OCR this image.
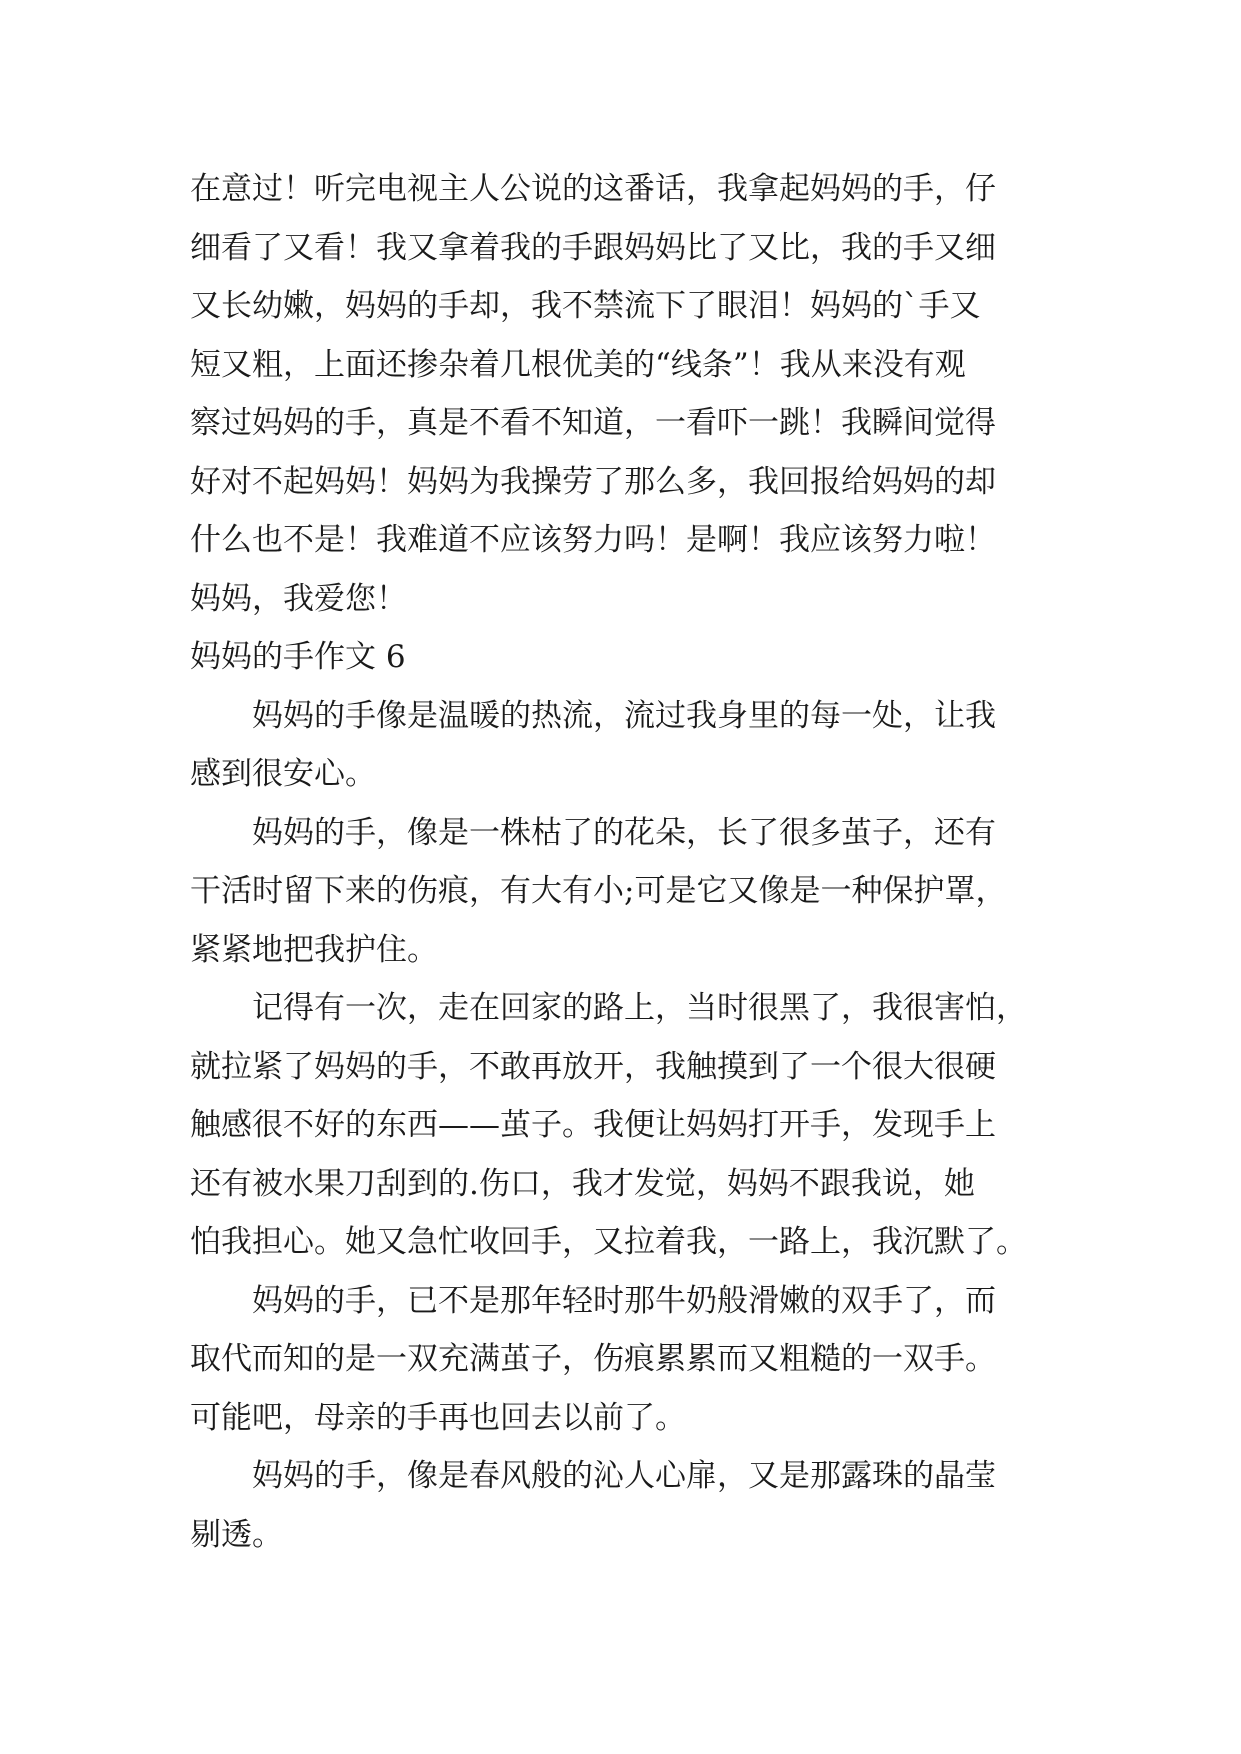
在意过！听完电视主人公说的这番话，我拿起妈妈的手，仔
细看了又看！我又拿着我的手跟妈妈比了又比，我的手又细
又长幼嫩，妈妈的手却，我不禁流下了眼泪！妈妈的`手又
短又粗，上面还掺杂着几根优美的“线条”！我从来没有观
察过妈妈的手，真是不看不知道，一看吓一跳！我瞬间觉得
好对不起妈妈！妈妈为我操劳了那么多，我回报给妈妈的却
什么也不是！我难道不应该努力吗！是啊！我应该努力啦！
妈妈，我爱您！
妈妈的手作文 6
妈妈的手像是温暖的热流，流过我身里的每一处，让我
感到很安心。
妈妈的手，像是一株枯了的花朵，长了很多茧子，还有
干活时留下来的伤痕，有大有小;可是它又像是一种保护罩，
紧紧地把我护住。
记得有一次，走在回家的路上，当时很黑了，我很害怕，
就拉紧了妈妈的手，不敢再放开，我触摸到了一个很大很硬
触感很不好的东西——茧子。我便让妈妈打开手，发现手上
还有被水果刀刮到的.伤口，我才发觉，妈妈不跟我说，她
怕我担心。她又急忙收回手，又拉着我，一路上，我沉默了。
妈妈的手，已不是那年轻时那牛奶般滑嫩的双手了，而
取代而知的是一双充满茧子，伤痕累累而又粗糙的一双手。
可能吧，母亲的手再也回去以前了。
妈妈的手，像是春风般的沁人心扉，又是那露珠的晶莹
剔透。
